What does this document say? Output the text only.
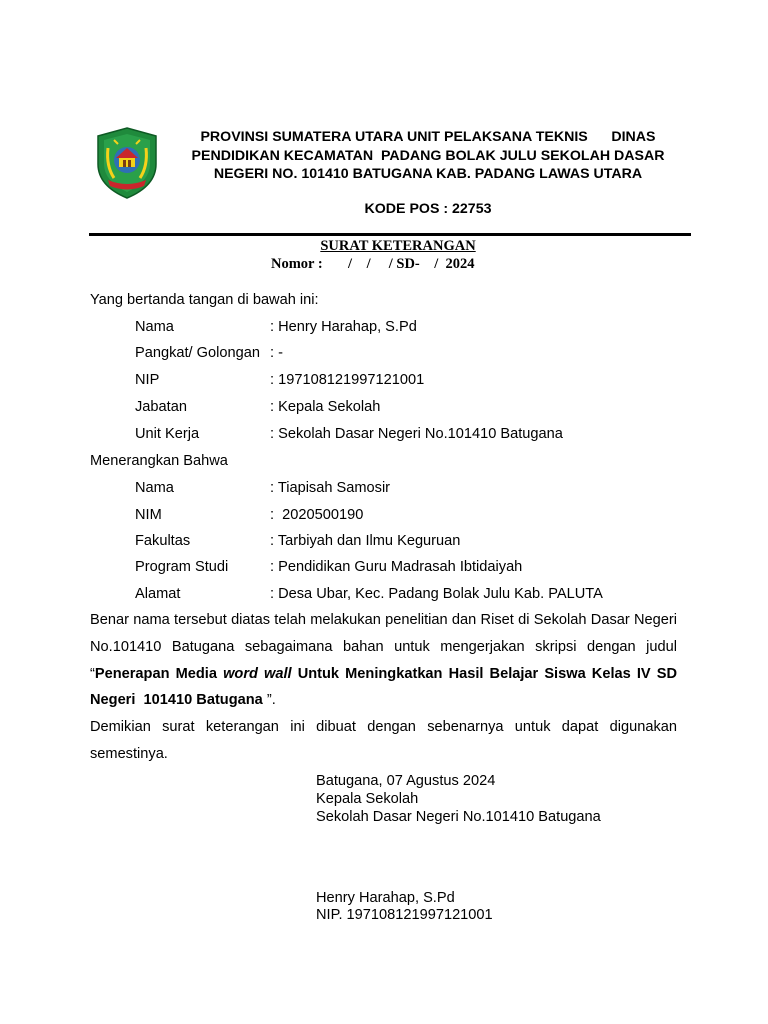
PROVINSI SUMATERA UTARA UNIT PELAKSANA TEKNIS      DINAS
PENDIDIKAN KECAMATAN  PADANG BOLAK JULU SEKOLAH DASAR
NEGERI NO. 101410 BATUGANA KAB. PADANG LAWAS UTARA
KODE POS : 22753
SURAT KETERANGAN
Nomor :       /    /     / SD-    /  2024
Yang bertanda tangan di bawah ini:
Nama	: Henry Harahap, S.Pd
Pangkat/ Golongan : -
NIP	: 197108121997121001
Jabatan	: Kepala Sekolah
Unit Kerja	: Sekolah Dasar Negeri No.101410 Batugana
Menerangkan Bahwa
Nama	: Tiapisah Samosir
NIM	:  2020500190
Fakultas	: Tarbiyah dan Ilmu Keguruan
Program Studi	: Pendidikan Guru Madrasah Ibtidaiyah
Alamat	: Desa Ubar, Kec. Padang Bolak Julu Kab. PALUTA
Benar nama tersebut diatas telah melakukan penelitian dan Riset di Sekolah Dasar Negeri No.101410 Batugana sebagaimana bahan untuk mengerjakan skripsi dengan judul “Penerapan Media word wall Untuk Meningkatkan Hasil Belajar Siswa Kelas IV SD Negeri  101410 Batugana ”.
Demikian surat keterangan ini dibuat dengan sebenarnya untuk dapat digunakan semestinya.
Batugana, 07 Agustus 2024
Kepala Sekolah
Sekolah Dasar Negeri No.101410 Batugana
Henry Harahap, S.Pd
NIP. 197108121997121001
